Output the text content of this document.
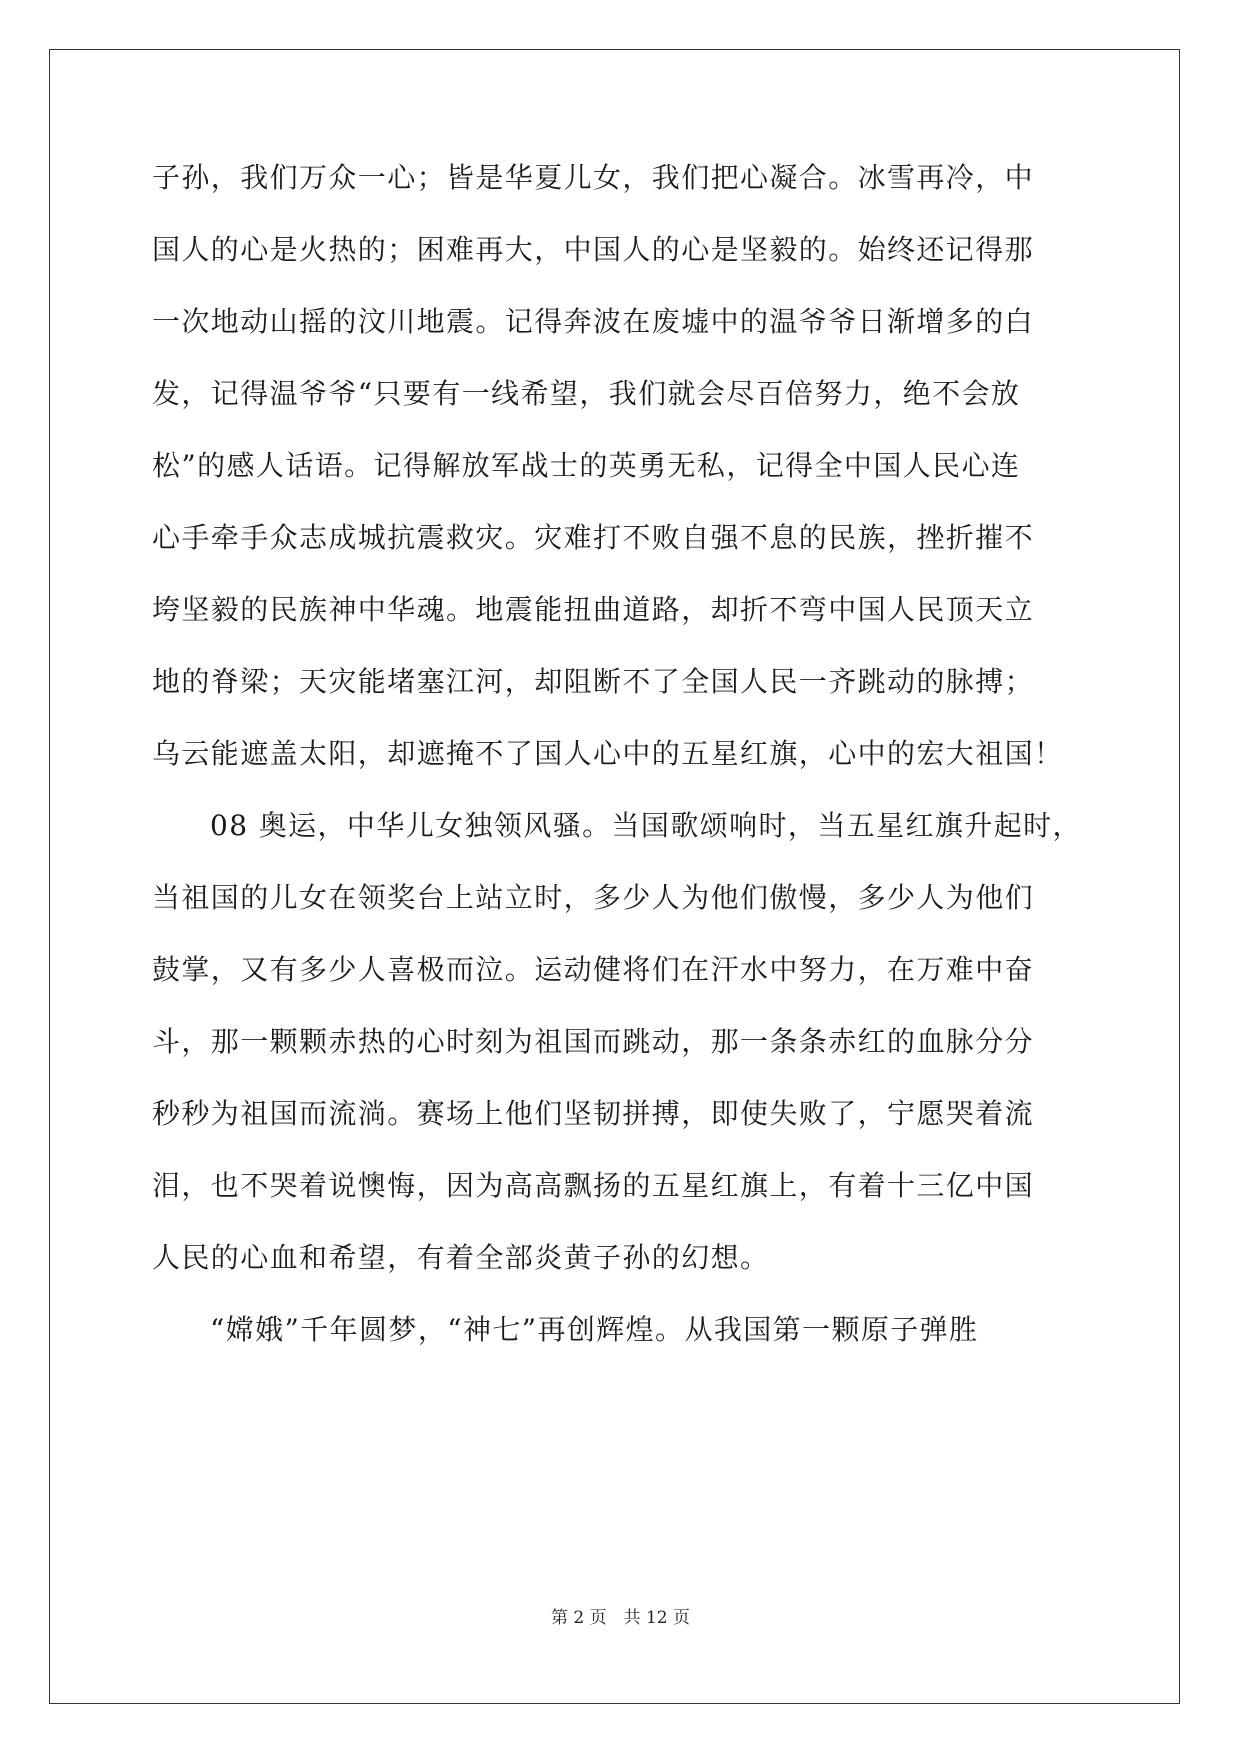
子孙，我们万众一心；皆是华夏儿女，我们把心凝合。冰雪再冷，中
国人的心是火热的；困难再大，中国人的心是坚毅的。始终还记得那
一次地动山摇的汶川地震。记得奔波在废墟中的温爷爷日渐增多的白
发，记得温爷爷“只要有一线希望，我们就会尽百倍努力，绝不会放
松”的感人话语。记得解放军战士的英勇无私，记得全中国人民心连
心手牵手众志成城抗震救灾。灾难打不败自强不息的民族，挫折摧不
垮坚毅的民族神中华魂。地震能扭曲道路，却折不弯中国人民顶天立
地的脊梁；天灾能堵塞江河，却阻断不了全国人民一齐跳动的脉搏；
乌云能遮盖太阳，却遮掩不了国人心中的五星红旗，心中的宏大祖国！
08 奥运，中华儿女独领风骚。当国歌颂响时，当五星红旗升起时，
当祖国的儿女在领奖台上站立时，多少人为他们傲慢，多少人为他们
鼓掌，又有多少人喜极而泣。运动健将们在汗水中努力，在万难中奋
斗，那一颗颗赤热的心时刻为祖国而跳动，那一条条赤红的血脉分分
秒秒为祖国而流淌。赛场上他们坚韧拼搏，即使失败了，宁愿哭着流
泪，也不哭着说懊悔，因为高高飘扬的五星红旗上，有着十三亿中国
人民的心血和希望，有着全部炎黄子孙的幻想。
“嫦娥”千年圆梦，“神七”再创辉煌。从我国第一颗原子弹胜
第 2 页　共 12 页
